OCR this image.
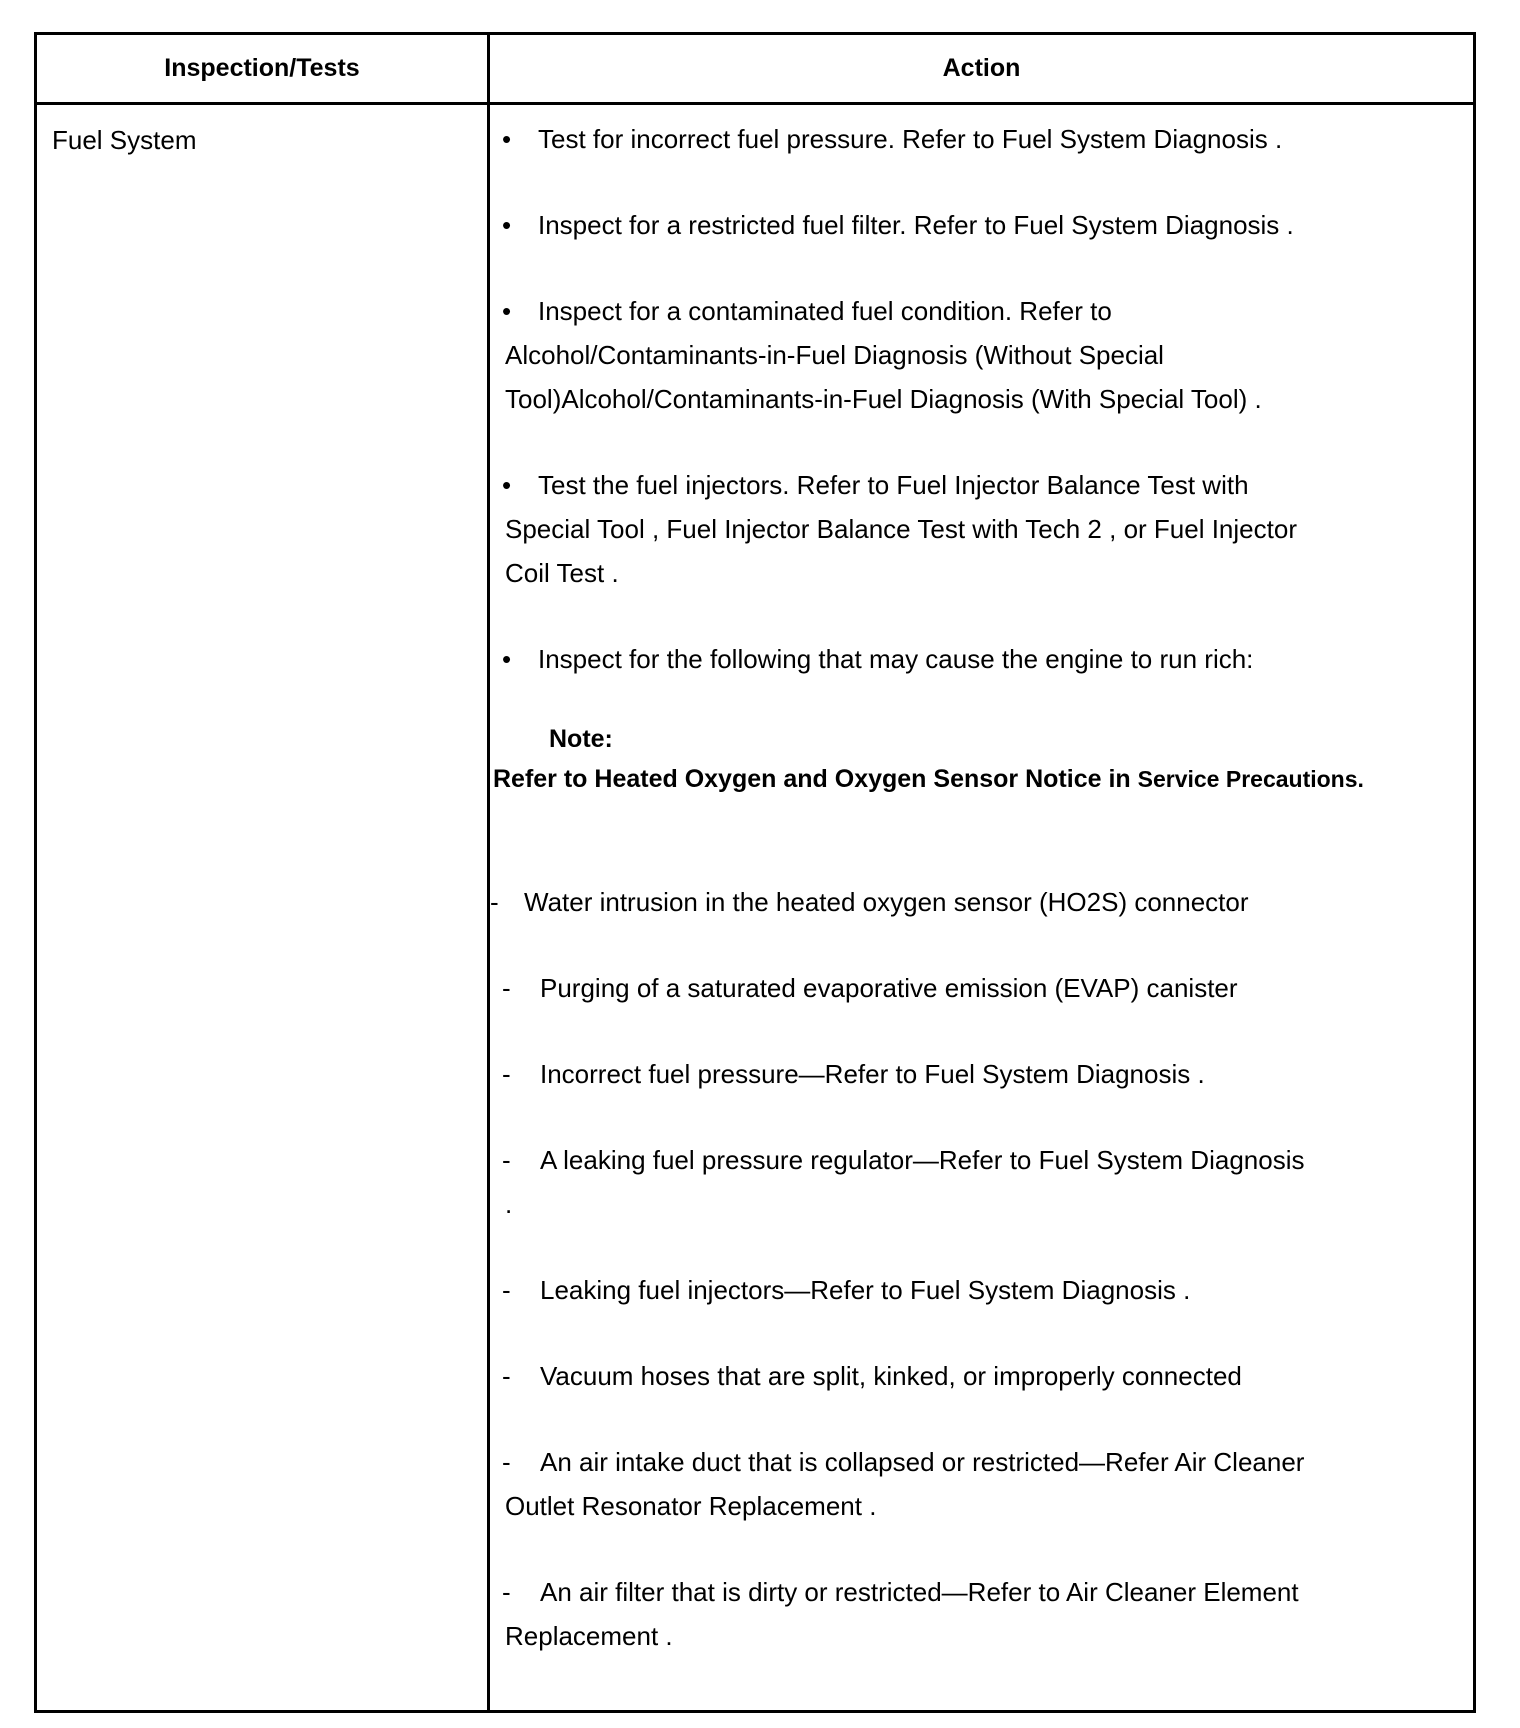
Inspection/Tests	Action
Fuel System	• Test for incorrect fuel pressure. Refer to Fuel System Diagnosis .
• Inspect for a restricted fuel filter. Refer to Fuel System Diagnosis .
• Inspect for a contaminated fuel condition. Refer to
Alcohol/Contaminants-in-Fuel Diagnosis (Without Special
Tool)Alcohol/Contaminants-in-Fuel Diagnosis (With Special Tool) .
• Test the fuel injectors. Refer to Fuel Injector Balance Test with
Special Tool , Fuel Injector Balance Test with Tech 2 , or Fuel Injector
Coil Test .
• Inspect for the following that may cause the engine to run rich:
Note:
Refer to Heated Oxygen and Oxygen Sensor Notice in Service Precautions.
- Water intrusion in the heated oxygen sensor (HO2S) connector
- Purging of a saturated evaporative emission (EVAP) canister
- Incorrect fuel pressure—Refer to Fuel System Diagnosis .
- A leaking fuel pressure regulator—Refer to Fuel System Diagnosis
.
- Leaking fuel injectors—Refer to Fuel System Diagnosis .
- Vacuum hoses that are split, kinked, or improperly connected
- An air intake duct that is collapsed or restricted—Refer Air Cleaner
Outlet Resonator Replacement .
- An air filter that is dirty or restricted—Refer to Air Cleaner Element
Replacement .
